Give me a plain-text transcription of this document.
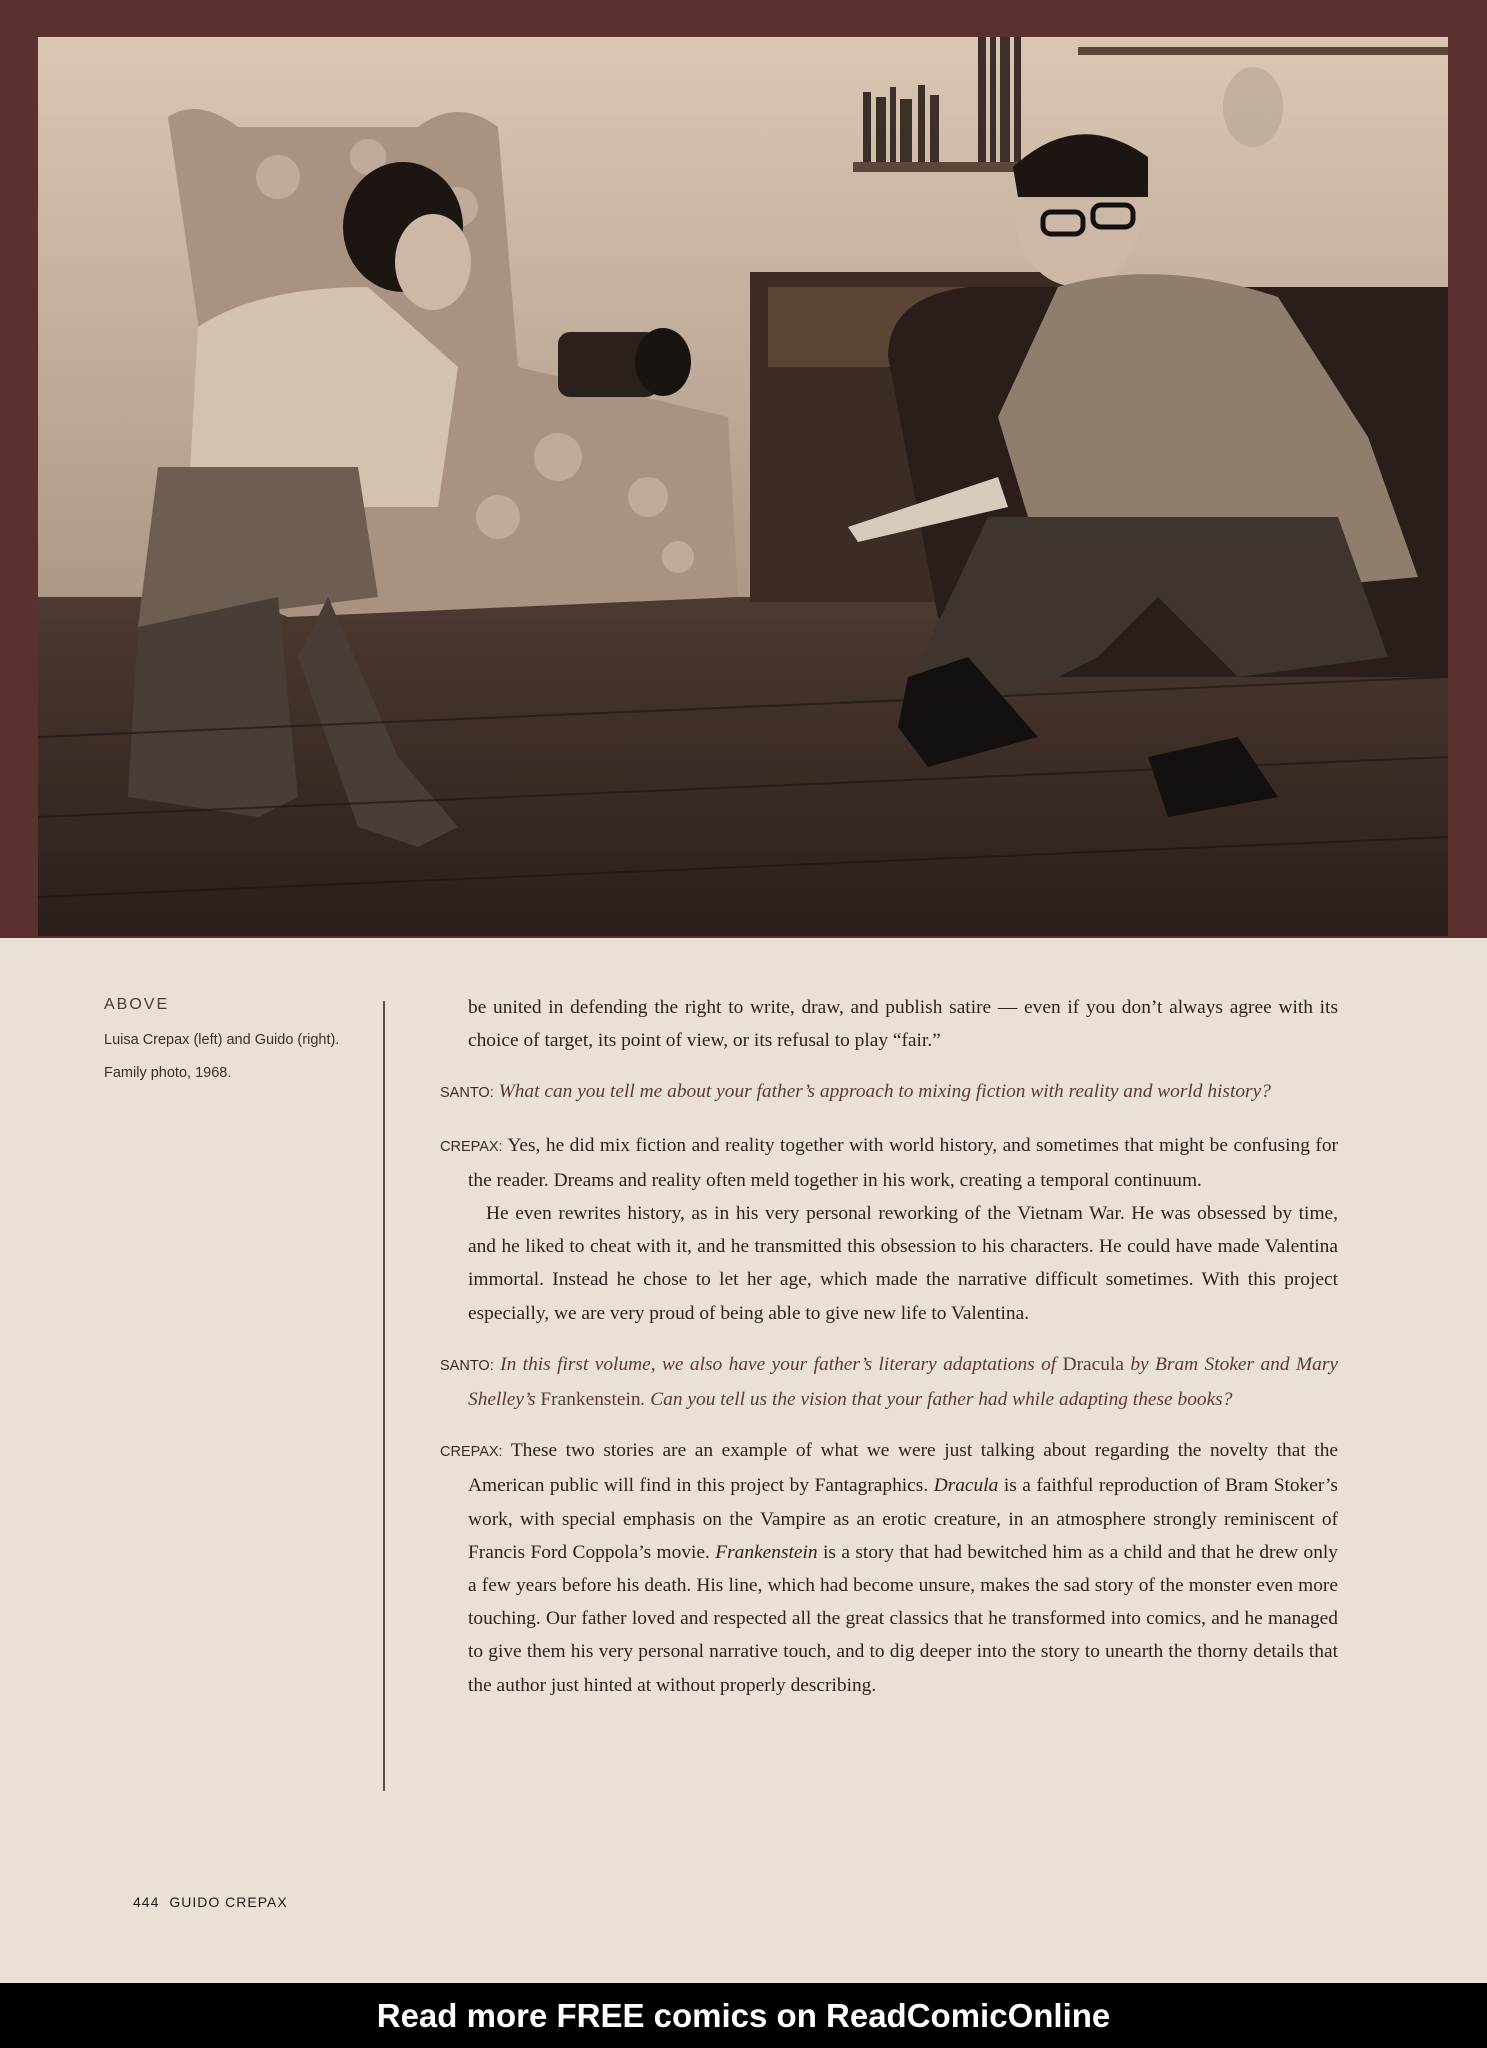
ABOVE
Luisa Crepax (left) and Guido (right). Family photo, 1968.

be united in defending the right to write, draw, and publish satire — even if you don’t always agree with its choice of target, its point of view, or its refusal to play “fair.”

SANTO: What can you tell me about your father’s approach to mixing fiction with reality and world history?

CREPAX: Yes, he did mix fiction and reality together with world history, and sometimes that might be confusing for the reader. Dreams and reality often meld together in his work, creating a temporal continuum.
He even rewrites history, as in his very personal reworking of the Vietnam War. He was obsessed by time, and he liked to cheat with it, and he transmitted this obsession to his characters. He could have made Valentina immortal. Instead he chose to let her age, which made the narrative difficult sometimes. With this project especially, we are very proud of being able to give new life to Valentina.

SANTO: In this first volume, we also have your father’s literary adaptations of Dracula by Bram Stoker and Mary Shelley’s Frankenstein. Can you tell us the vision that your father had while adapting these books?

CREPAX: These two stories are an example of what we were just talking about regarding the novelty that the American public will find in this project by Fantagraphics. Dracula is a faithful reproduction of Bram Stoker’s work, with special emphasis on the Vampire as an erotic creature, in an atmosphere strongly reminiscent of Francis Ford Coppola’s movie. Frankenstein is a story that had bewitched him as a child and that he drew only a few years before his death. His line, which had become unsure, makes the sad story of the monster even more touching. Our father loved and respected all the great classics that he transformed into comics, and he managed to give them his very personal narrative touch, and to dig deeper into the story to unearth the thorny details that the author just hinted at without properly describing.

444 GUIDO CREPAX
Read more FREE comics on ReadComicOnline
